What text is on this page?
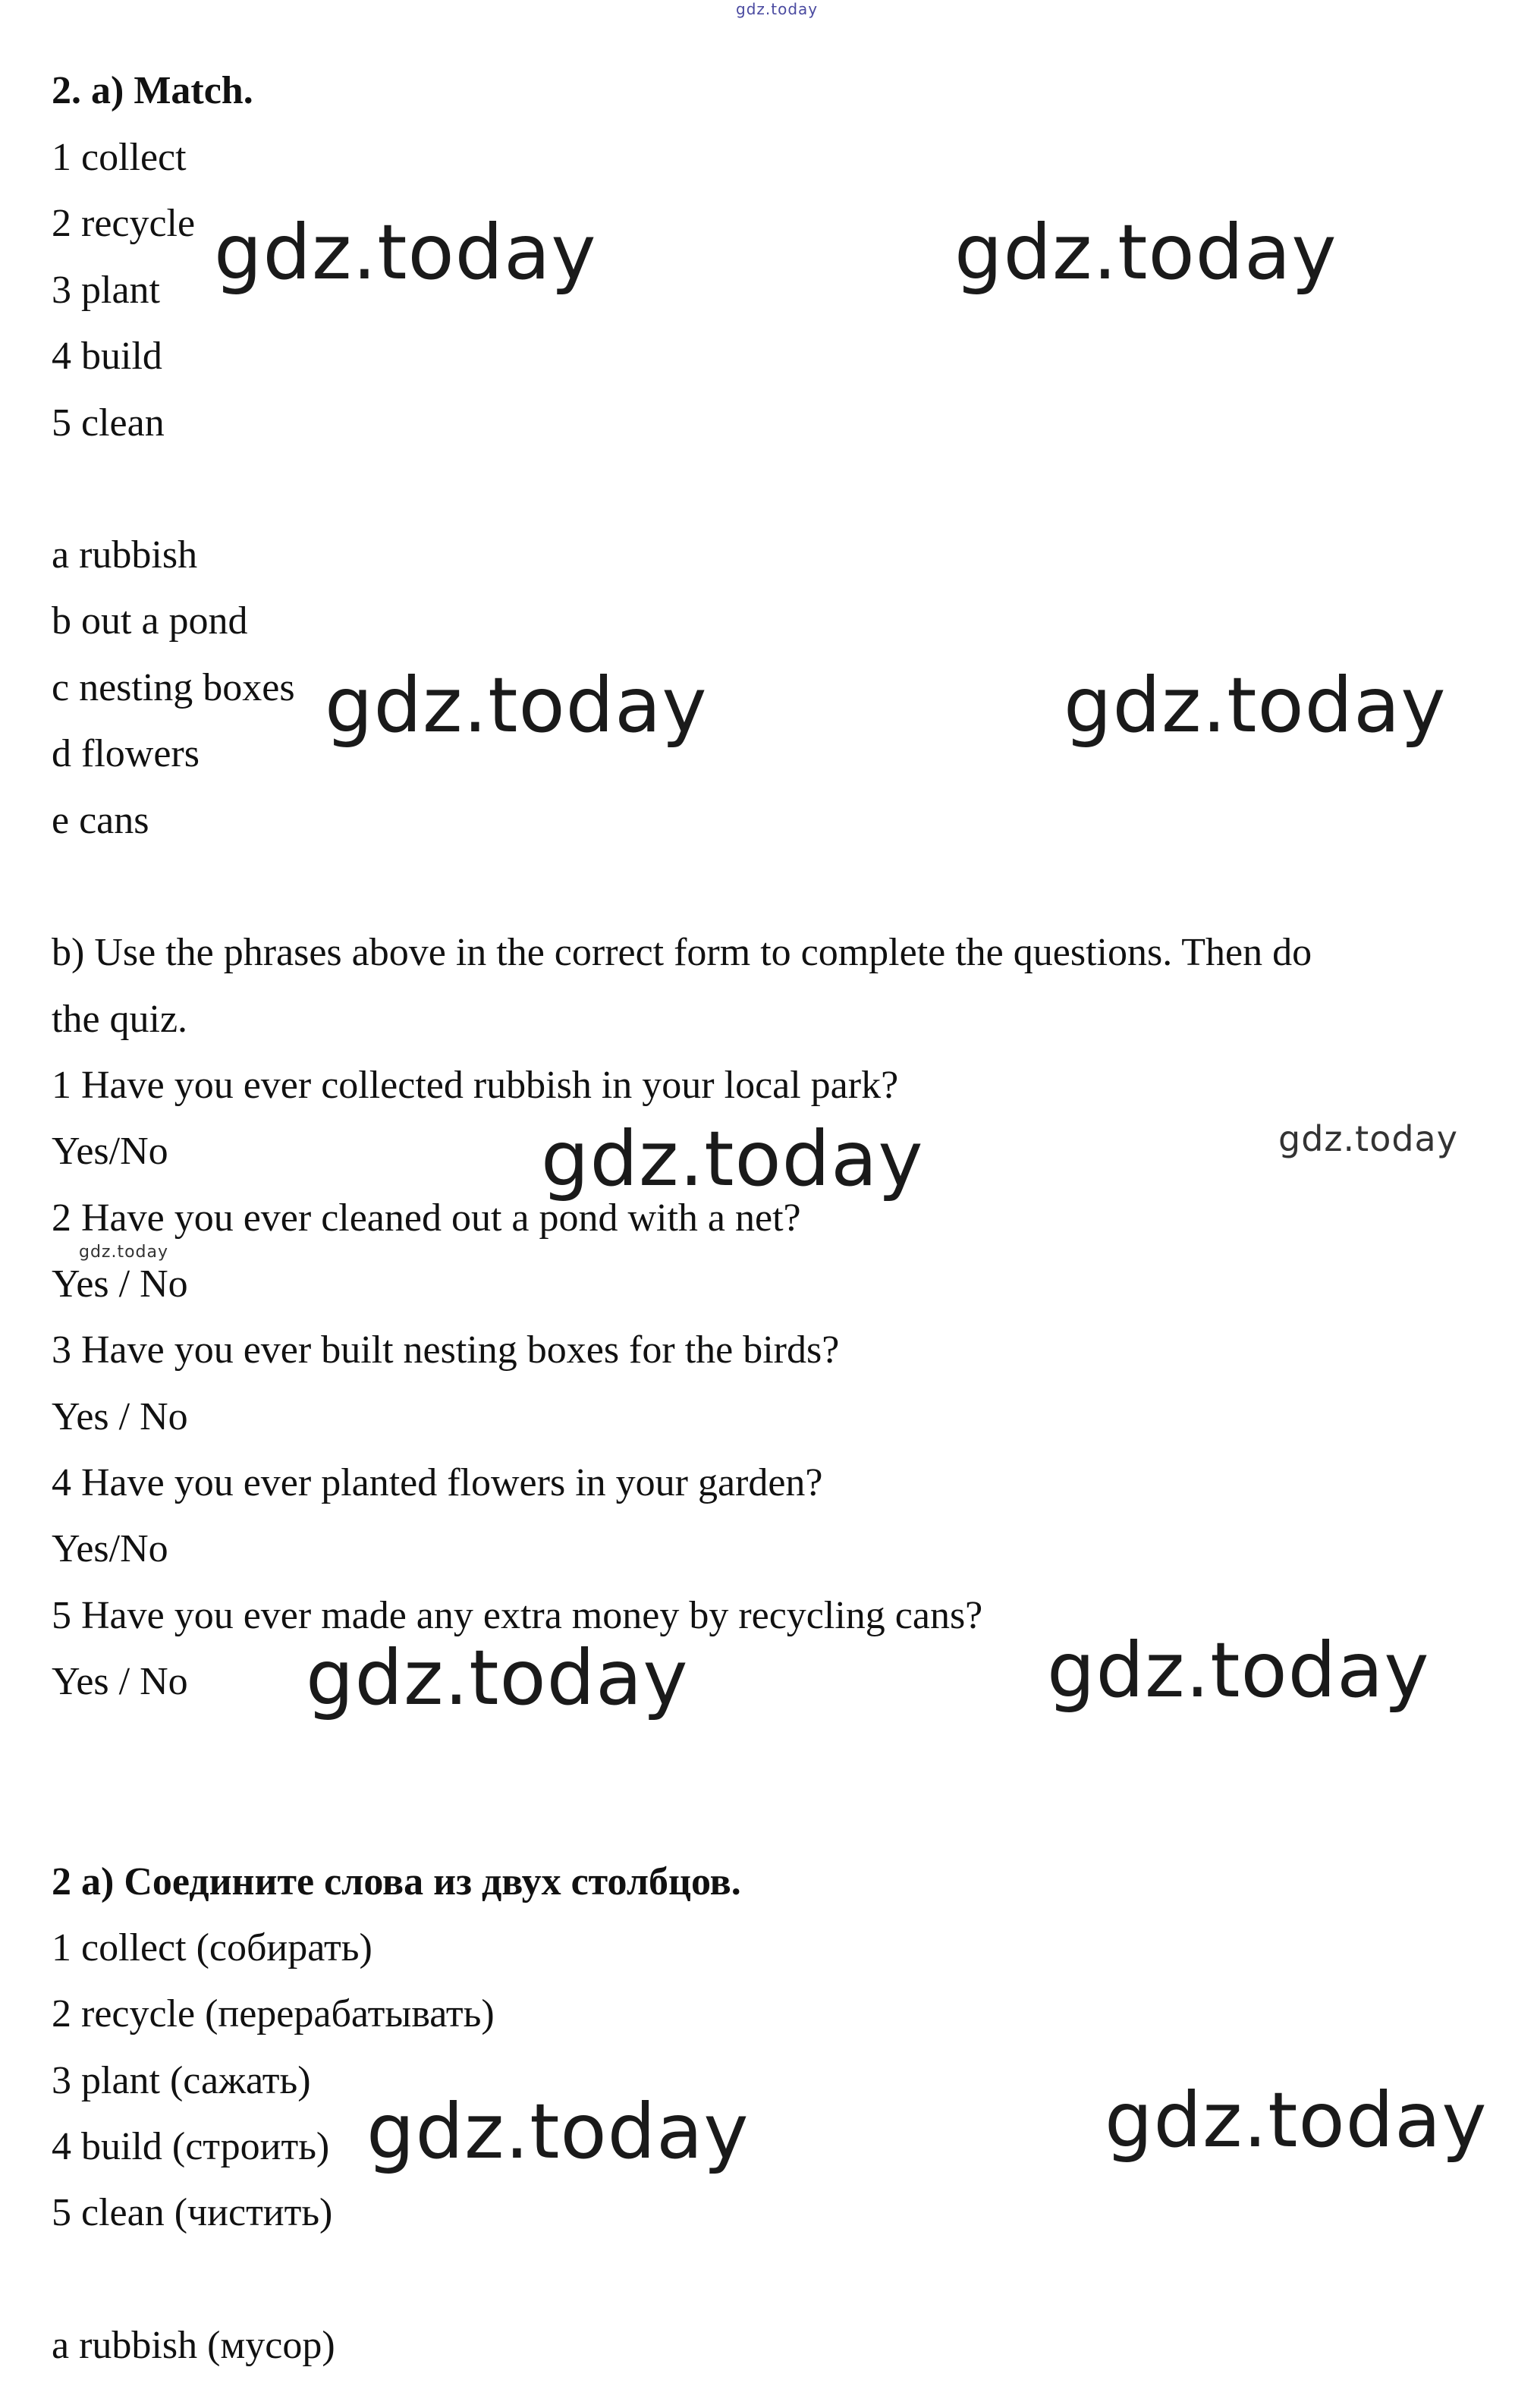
gdz.today
2. a) Match.
1 collect
2 recycle
3 plant
4 build
5 clean
a rubbish
b out a pond
c nesting boxes
d flowers
e cans
b) Use the phrases above in the correct form to complete the questions. Then do
the quiz.
1 Have you ever collected rubbish in your local park?
Yes/No
2 Have you ever cleaned out a pond with a net?
Yes / No
3 Have you ever built nesting boxes for the birds?
Yes / No
4 Have you ever planted flowers in your garden?
Yes/No
5 Have you ever made any extra money by recycling cans?
Yes / No
2 a) Соедините слова из двух столбцов.
1 collect (собирать)
2 recycle (перерабатывать)
3 plant (сажать)
4 build (строить)
5 clean (чистить)
a rubbish (мусор)
gdz.today	gdz.today
gdz.today	gdz.today
gdz.today	gdz.today
gdz.today
gdz.today	gdz.today
gdz.today	gdz.today
